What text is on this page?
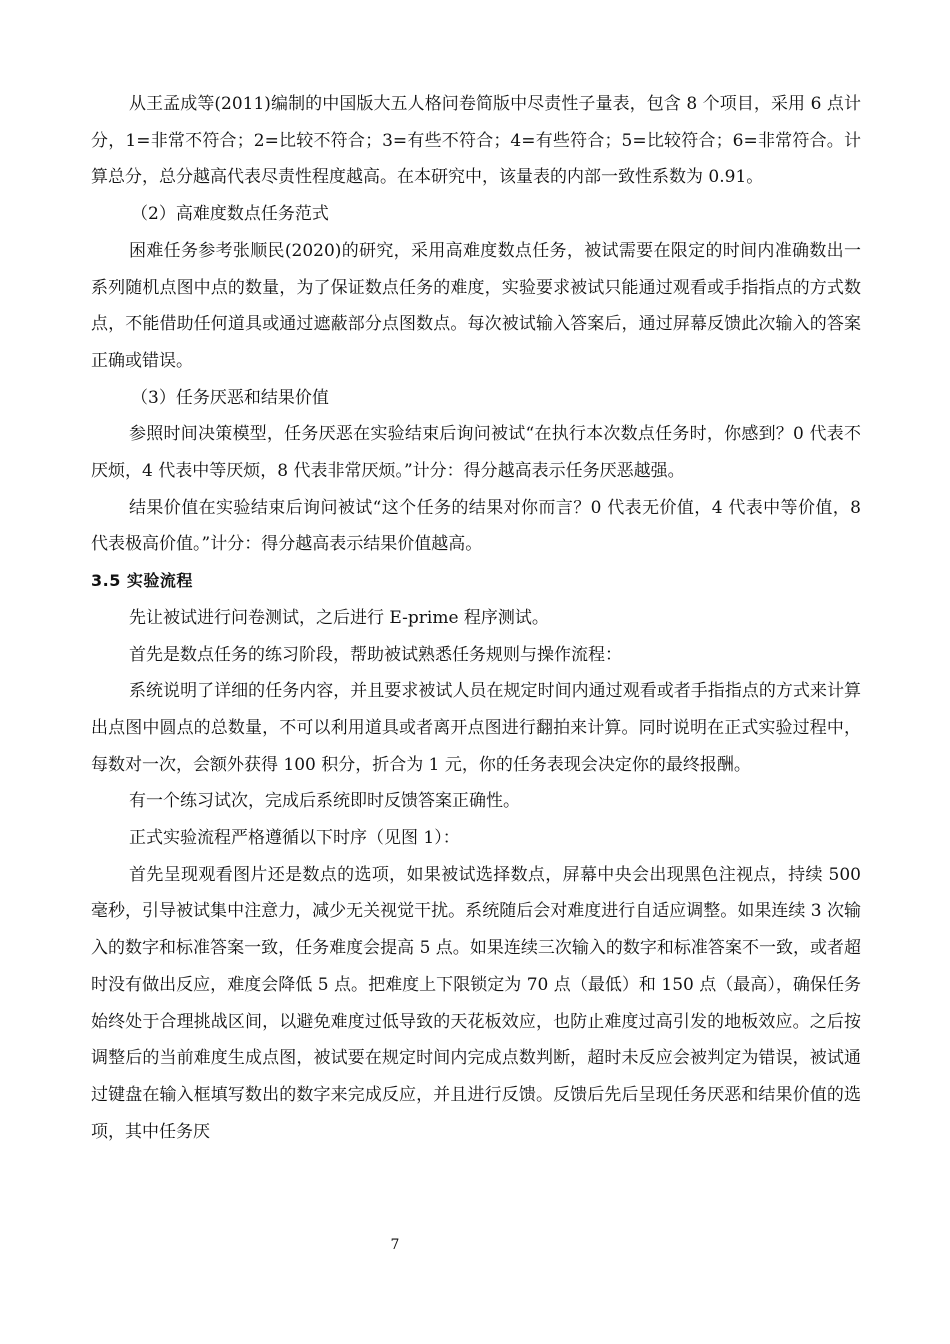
从王孟成等(2011)编制的中国版大五人格问卷简版中尽责性子量表，包含 8 个项目，采用 6 点计分，1=非常不符合；2=比较不符合；3=有些不符合；4=有些符合；5=比较符合；6=非常符合。计算总分，总分越高代表尽责性程度越高。在本研究中，该量表的内部一致性系数为 0.91。

（2）高难度数点任务范式

困难任务参考张顺民(2020)的研究，采用高难度数点任务，被试需要在限定的时间内准确数出一系列随机点图中点的数量，为了保证数点任务的难度，实验要求被试只能通过观看或手指指点的方式数点，不能借助任何道具或通过遮蔽部分点图数点。每次被试输入答案后，通过屏幕反馈此次输入的答案正确或错误。

（3）任务厌恶和结果价值

参照时间决策模型，任务厌恶在实验结束后询问被试“在执行本次数点任务时，你感到？0 代表不厌烦，4 代表中等厌烦，8 代表非常厌烦。”计分：得分越高表示任务厌恶越强。

结果价值在实验结束后询问被试“这个任务的结果对你而言？0 代表无价值，4 代表中等价值，8 代表极高价值。”计分：得分越高表示结果价值越高。

3.5 实验流程

先让被试进行问卷测试，之后进行 E-prime 程序测试。

首先是数点任务的练习阶段，帮助被试熟悉任务规则与操作流程：

系统说明了详细的任务内容，并且要求被试人员在规定时间内通过观看或者手指指点的方式来计算出点图中圆点的总数量，不可以利用道具或者离开点图进行翻拍来计算。同时说明在正式实验过程中，每数对一次，会额外获得 100 积分，折合为 1 元，你的任务表现会决定你的最终报酬。

有一个练习试次，完成后系统即时反馈答案正确性。

正式实验流程严格遵循以下时序（见图 1）：

首先呈现观看图片还是数点的选项，如果被试选择数点，屏幕中央会出现黑色注视点，持续 500 毫秒，引导被试集中注意力，减少无关视觉干扰。系统随后会对难度进行自适应调整。如果连续 3 次输入的数字和标准答案一致，任务难度会提高 5 点。如果连续三次输入的数字和标准答案不一致，或者超时没有做出反应，难度会降低 5 点。把难度上下限锁定为 70 点（最低）和 150 点（最高），确保任务始终处于合理挑战区间，以避免难度过低导致的天花板效应，也防止难度过高引发的地板效应。之后按调整后的当前难度生成点图，被试要在规定时间内完成点数判断，超时未反应会被判定为错误，被试通过键盘在输入框填写数出的数字来完成反应，并且进行反馈。反馈后先后呈现任务厌恶和结果价值的选项，其中任务厌

7
